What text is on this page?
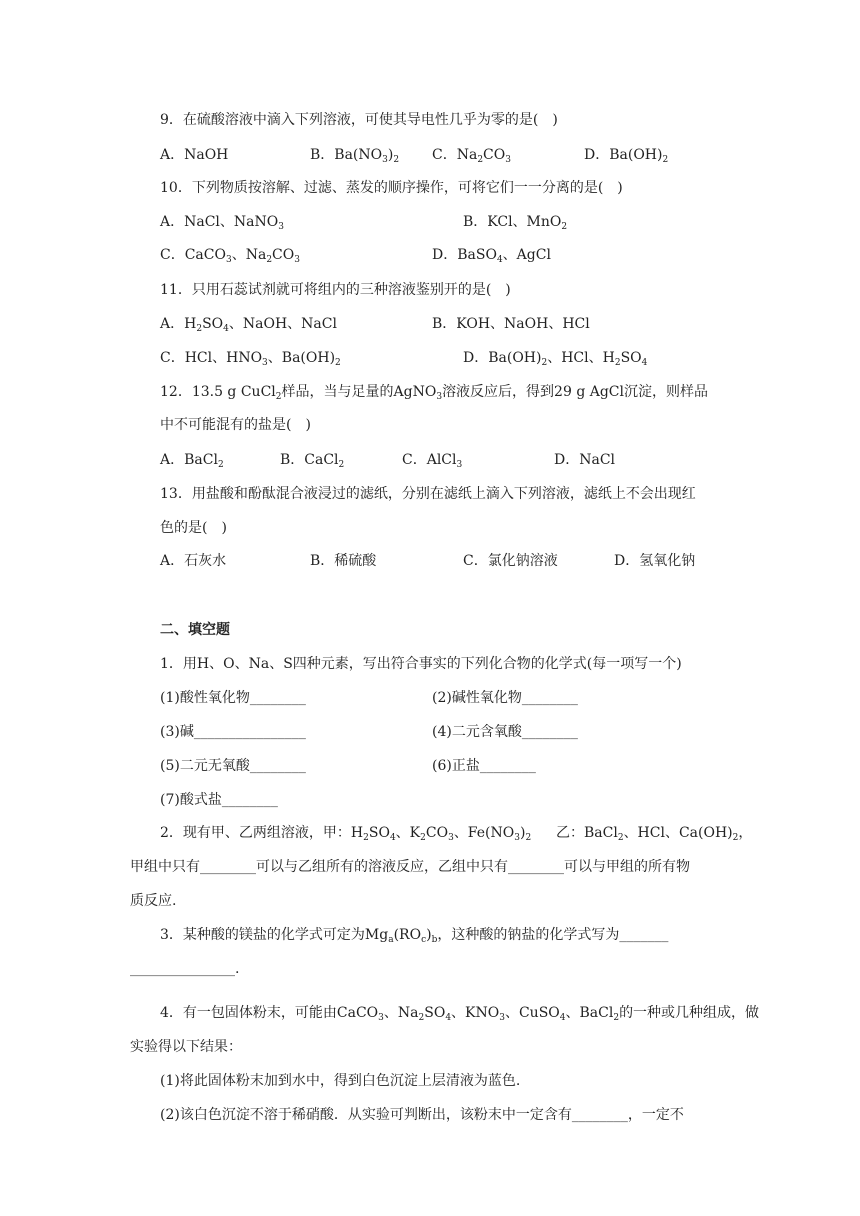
9．在硫酸溶液中滴入下列溶液，可使其导电性几乎为零的是(　)
A．NaOH	B．$Ba(NO_3)_2$ C．$Na_2CO_3$	D．$Ba(OH)_2$
10．下列物质按溶解、过滤、蒸发的顺序操作，可将它们一一分离的是(　)
A．NaCl、NaNO$_3$	B．KCl、MnO$_2$
C．CaCO$_3$、$Na_2CO_3$	D．BaSO$_4$、AgCl
11．只用石蕊试剂就可将组内的三种溶液鉴别开的是(　)
A．$H_2SO_4$、NaOH、NaCl	B．KOH、NaOH、HCl
C．HCl、$HNO_3$、$Ba(OH)_2$	D．$Ba(OH)_2$、HCl、$H_2SO_4$
12．13.5 g CuCl$_2$样品，当与足量的AgNO$_3$溶液反应后，得到29 g AgCl沉淀，则样品
中不可能混有的盐是(　)
A．BaCl$_2$	B．CaCl$_2$	C．AlCl$_3$	D．NaCl
13．用盐酸和酚酞混合液浸过的滤纸，分别在滤纸上滴入下列溶液，滤纸上不会出现红
色的是(　)
A．石灰水	B．稀硫酸	C．氯化钠溶液	D．氢氧化钠
二、填空题
1．用H、O、Na、S四种元素，写出符合事实的下列化合物的化学式(每一项写一个)
(1)酸性氧化物________	(2)碱性氧化物________
(3)碱________________	(4)二元含氧酸________
(5)二元无氧酸________	(6)正盐________
(7)酸式盐________
2．现有甲、乙两组溶液，甲：$H_2SO_4$、$K_2CO_3$、$Fe(NO_3)_2$ 乙：BaCl$_2$、HCl、$Ca(OH)_2$，
甲组中只有________可以与乙组所有的溶液反应，乙组中只有________可以与甲组的所有物
质反应.
3．某种酸的镁盐的化学式可定为$Mg_a(RO_c)_b$，这种酸的钠盐的化学式写为_______
_______________.
4．有一包固体粉末，可能由CaCO$_3$、$Na_2SO_4$、$KNO_3$、CuSO$_4$、BaCl$_2$的一种或几种组成，做
实验得以下结果：
(1)将此固体粉末加到水中，得到白色沉淀上层清液为蓝色.
(2)该白色沉淀不溶于稀硝酸．从实验可判断出，该粉末中一定含有________，一定不
